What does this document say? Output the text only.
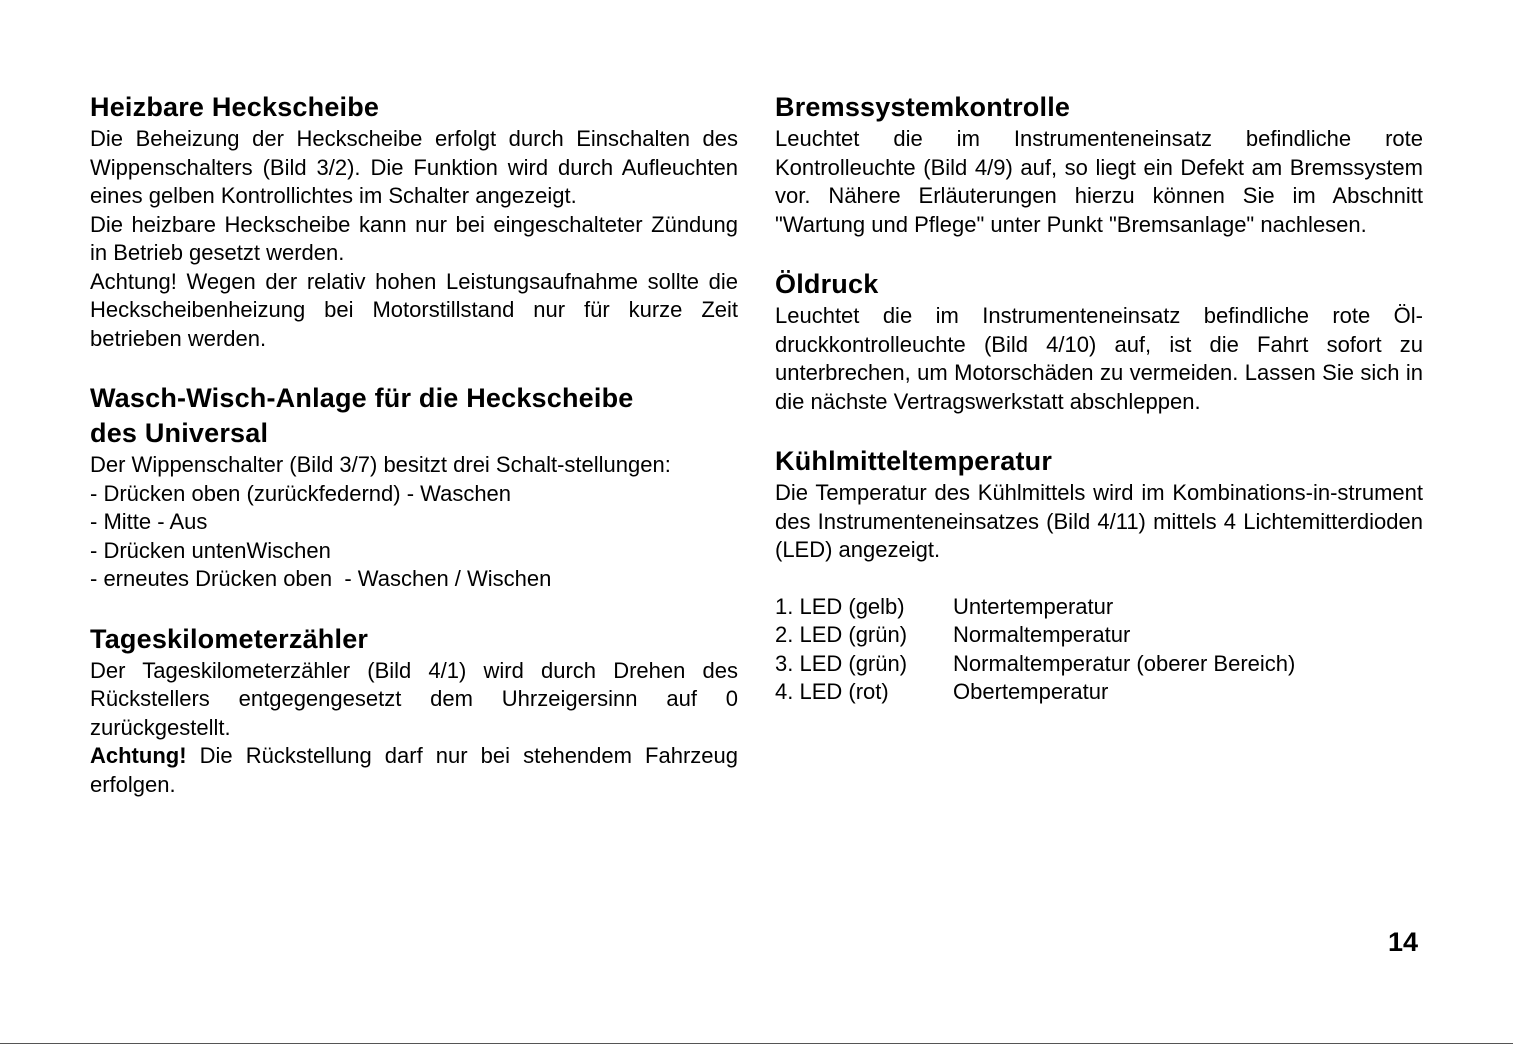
Heizbare Heckscheibe

Die Beheizung der Heckscheibe erfolgt durch Einschalten des Wippenschalters (Bild 3/2). Die Funktion wird durch Aufleuchten eines gelben Kontrollichtes im Schalter angezeigt.

Die heizbare Heckscheibe kann nur bei eingeschalteter Zündung in Betrieb gesetzt werden.

Achtung! Wegen der relativ hohen Leistungsaufnahme sollte die Heckscheibenheizung bei Motorstillstand nur für kurze Zeit betrieben werden.

Wasch-Wisch-Anlage für die Heckscheibe
des Universal

Der Wippenschalter (Bild 3/7) besitzt drei Schalt-stellungen:

- Drücken oben (zurückfedernd) - Waschen
- Mitte - Aus
- Drücken untenWischen
- erneutes Drücken oben  - Waschen / Wischen
Tageskilometerzähler

Der Tageskilometerzähler (Bild 4/1) wird durch Drehen des Rückstellers entgegengesetzt dem Uhrzeigersinn auf 0 zurückgestellt.

Achtung! Die Rückstellung darf nur bei stehendem Fahrzeug erfolgen.

Bremssystemkontrolle

Leuchtet die im Instrumenteneinsatz befindliche rote Kontrolleuchte (Bild 4/9) auf, so liegt ein Defekt am Bremssystem vor. Nähere Erläuterungen hierzu können Sie im Abschnitt "Wartung und Pflege" unter Punkt "Bremsanlage" nachlesen.

Öldruck

Leuchtet die im Instrumenteneinsatz befindliche rote Öl-druckkontrolleuchte (Bild 4/10) auf, ist die Fahrt sofort zu unterbrechen, um Motorschäden zu vermeiden. Lassen Sie sich in die nächste Vertragswerkstatt abschleppen.

Kühlmitteltemperatur

Die Temperatur des Kühlmittels wird im Kombinations-in-strument des Instrumenteneinsatzes (Bild 4/11) mittels 4 Lichtemitterdioden (LED) angezeigt.

1. LED (gelb)	Untertemperatur
2. LED (grün)	Normaltemperatur
3. LED (grün)	Normaltemperatur (oberer Bereich)
4. LED (rot)	Obertemperatur
14
